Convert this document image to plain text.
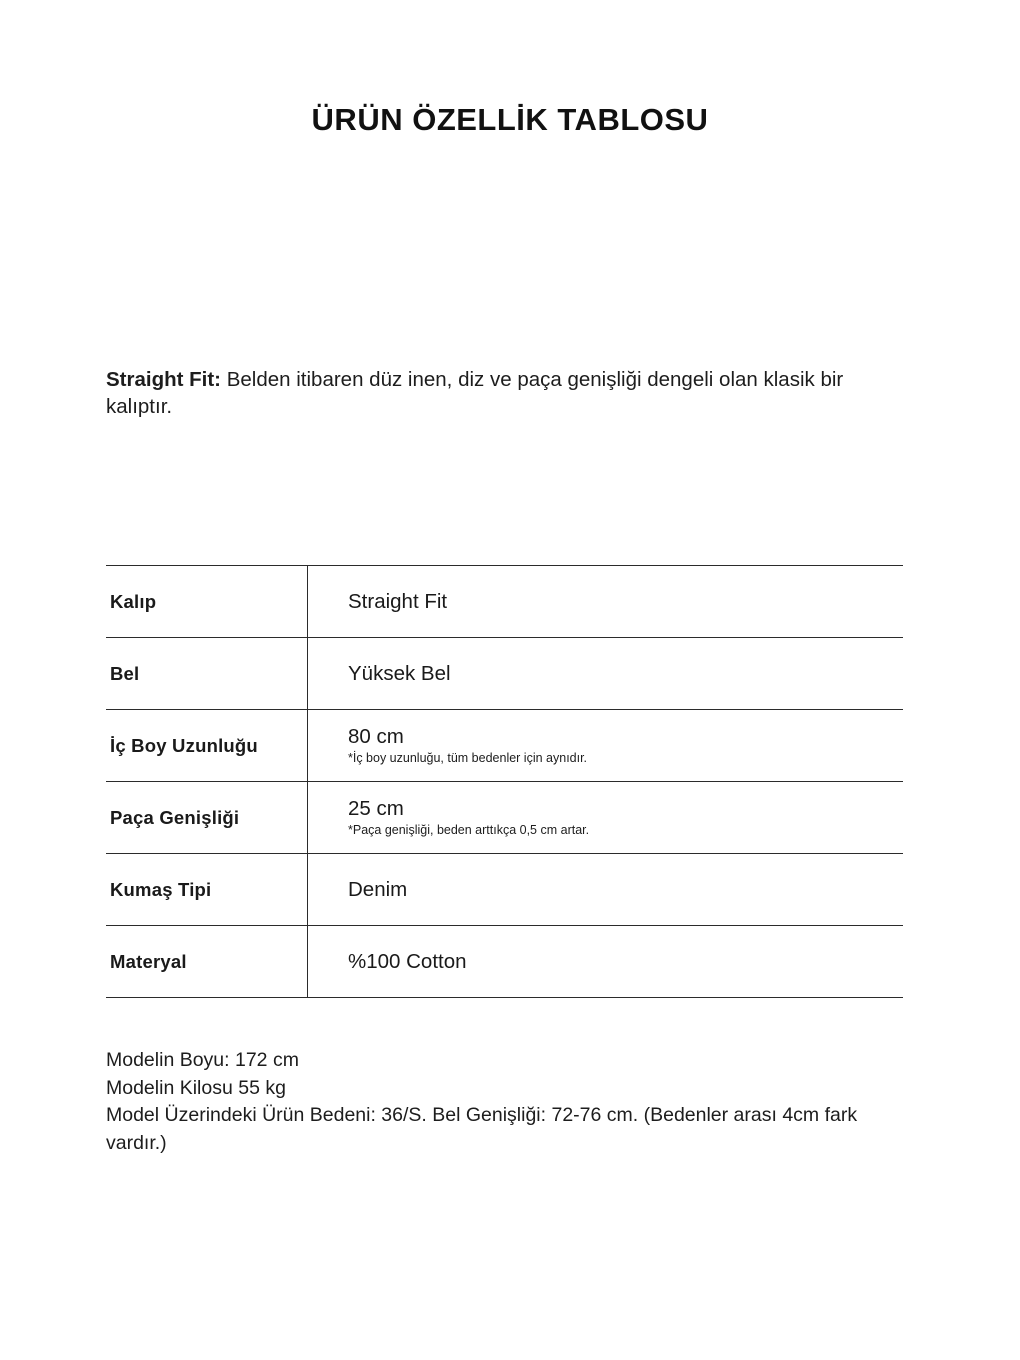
ÜRÜN ÖZELLİK TABLOSU

Straight Fit: Belden itibaren düz inen, diz ve paça genişliği dengeli olan klasik bir kalıptır.

Kalıp	Straight Fit

Bel	Yüksek Bel

İç Boy Uzunluğu	80 cm
*İç boy uzunluğu, tüm bedenler için aynıdır.

Paça Genişliği	25 cm
*Paça genişliği, beden arttıkça 0,5 cm artar.

Kumaş Tipi	Denim

Materyal	%100 Cotton
Modelin Boyu: 172 cm
Modelin Kilosu 55 kg
Model Üzerindeki Ürün Bedeni: 36/S. Bel Genişliği: 72-76 cm. (Bedenler arası 4cm fark vardır.)
